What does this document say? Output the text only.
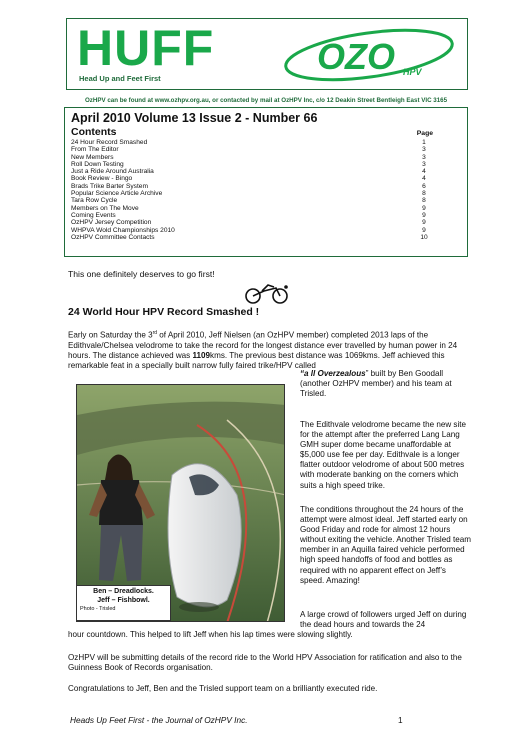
HUFF
Head Up and Feet First
OZO HPV
OzHPV can be found at www.ozhpv.org.au, or contacted by mail at OzHPV Inc, c/o 12 Deakin Street Bentleigh East VIC 3165
April 2010 Volume 13 Issue 2 - Number 66
Contents	Page
24 Hour Record Smashed	1
From The Editor	3
New Members	3
Roll Down Testing	3
Just a Ride Around Australia	4
Book Review - Bingo	4
Brads Trike Barter System	6
Popular Science Article Archive	8
Tara Row Cycle	8
Members on The Move	9
Coming Events	9
OzHPV Jersey Competition	9
WHPVA Wold Championships 2010	9
OzHPV Committee Contacts	10
This one definitely deserves to go first!
24 World Hour HPV Record Smashed !

Early on Saturday the 3rd of April 2010, Jeff Nielsen (an OzHPV member) completed 2013 laps of the Edithvale/Chelsea velodrome to take the record for the longest distance ever travelled by human power in 24 hours. The distance achieved was 1109kms. The previous best distance was 1069kms. Jeff achieved this remarkable feat in a specially built narrow fully faired trike/HPV called

“a ll Overzealous” built by Ben Goodall (another OzHPV member) and his team at Trisled.

Ben – Dreadlocks.
Jeff – Fishbowl.
Photo - Trisled

The Edithvale velodrome became the new site for the attempt after the preferred Lang Lang GMH super dome became unaffordable at $5,000 use fee per day. Edithvale is a longer flatter outdoor velodrome of about 500 metres with moderate banking on the corners which suits a high speed trike.

The conditions throughout the 24 hours of the attempt were almost ideal. Jeff started early on Good Friday and rode for almost 12 hours without exiting the vehicle. Another Trisled team member in an Aquilla faired vehicle performed high speed handoffs of food and bottles as required with no apparent effect on Jeff’s speed. Amazing!

A large crowd of followers urged Jeff on during the dead hours and towards the 24

hour countdown. This helped to lift Jeff when his lap times were slowing slightly.

OzHPV will be submitting details of the record ride to the World HPV Association for ratification and also to the Guinness Book of Records organisation.

Congratulations to Jeff, Ben and the Trisled support team on a brilliantly executed ride.

Heads Up Feet First - the Journal of OzHPV Inc.	1
